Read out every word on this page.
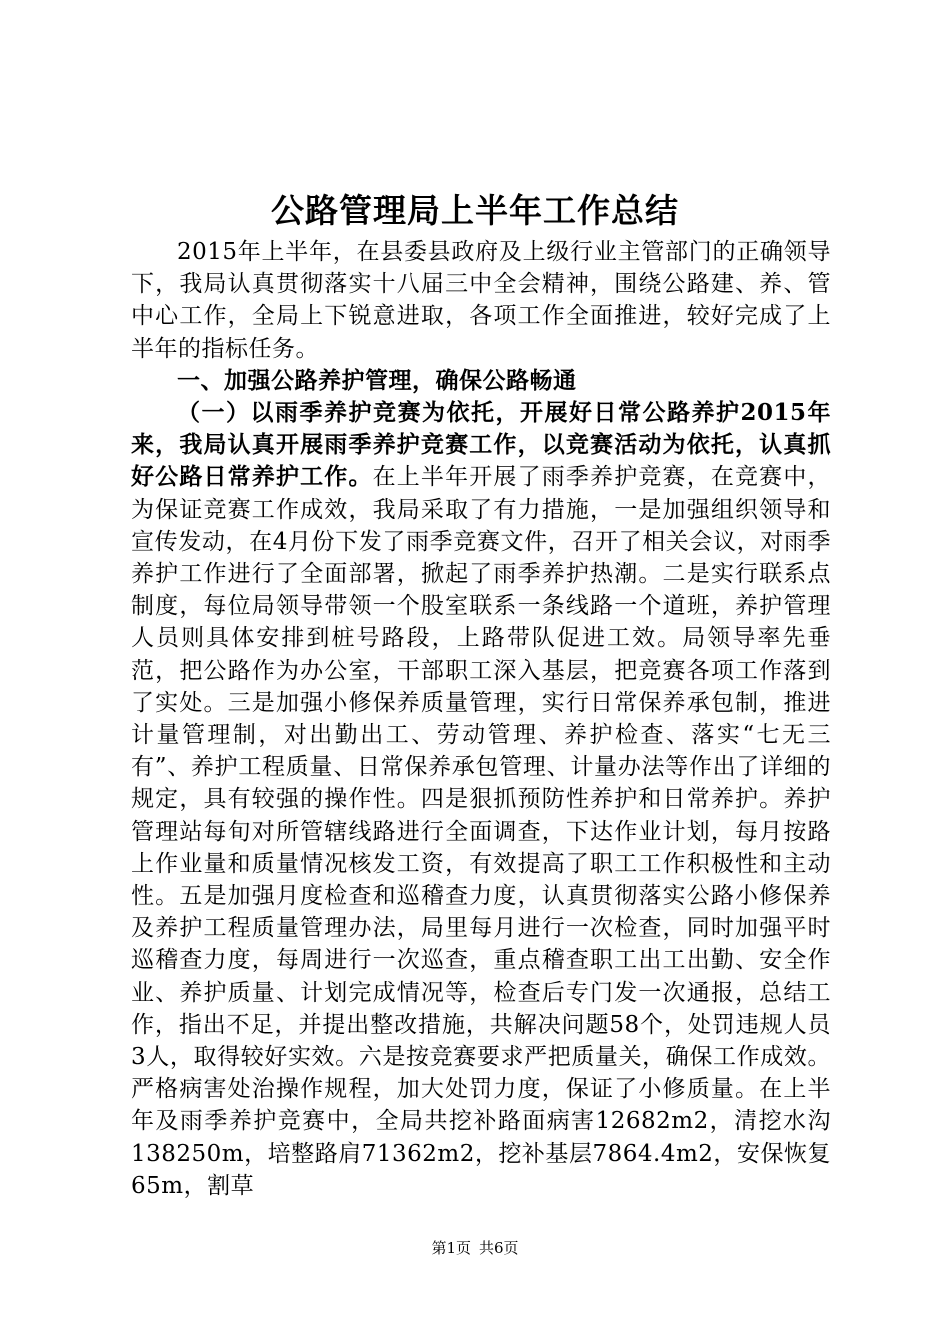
公路管理局上半年工作总结

2015年上半年，在县委县政府及上级行业主管部门的正确领导下，我局认真贯彻落实十八届三中全会精神，围绕公路建、养、管中心工作，全局上下锐意进取，各项工作全面推进，较好完成了上半年的指标任务。

一、加强公路养护管理，确保公路畅通

（一）以雨季养护竞赛为依托，开展好日常公路养护2015年来，我局认真开展雨季养护竞赛工作，以竞赛活动为依托，认真抓好公路日常养护工作。在上半年开展了雨季养护竞赛，在竞赛中，为保证竞赛工作成效，我局采取了有力措施，一是加强组织领导和宣传发动，在4月份下发了雨季竞赛文件，召开了相关会议，对雨季养护工作进行了全面部署，掀起了雨季养护热潮。二是实行联系点制度，每位局领导带领一个股室联系一条线路一个道班，养护管理人员则具体安排到桩号路段，上路带队促进工效。局领导率先垂范，把公路作为办公室，干部职工深入基层，把竞赛各项工作落到了实处。三是加强小修保养质量管理，实行日常保养承包制，推进计量管理制，对出勤出工、劳动管理、养护检查、落实“七无三有”、养护工程质量、日常保养承包管理、计量办法等作出了详细的规定，具有较强的操作性。四是狠抓预防性养护和日常养护。养护管理站每旬对所管辖线路进行全面调查，下达作业计划，每月按路上作业量和质量情况核发工资，有效提高了职工工作积极性和主动性。五是加强月度检查和巡稽查力度，认真贯彻落实公路小修保养及养护工程质量管理办法，局里每月进行一次检查，同时加强平时巡稽查力度，每周进行一次巡查，重点稽查职工出工出勤、安全作业、养护质量、计划完成情况等，检查后专门发一次通报，总结工作，指出不足，并提出整改措施，共解决问题58个，处罚违规人员3人，取得较好实效。六是按竞赛要求严把质量关，确保工作成效。严格病害处治操作规程，加大处罚力度，保证了小修质量。在上半年及雨季养护竞赛中，全局共挖补路面病害12682m2，清挖水沟138250m，培整路肩71362m2，挖补基层7864.4m2，安保恢复65m，割草

第1页 共6页
